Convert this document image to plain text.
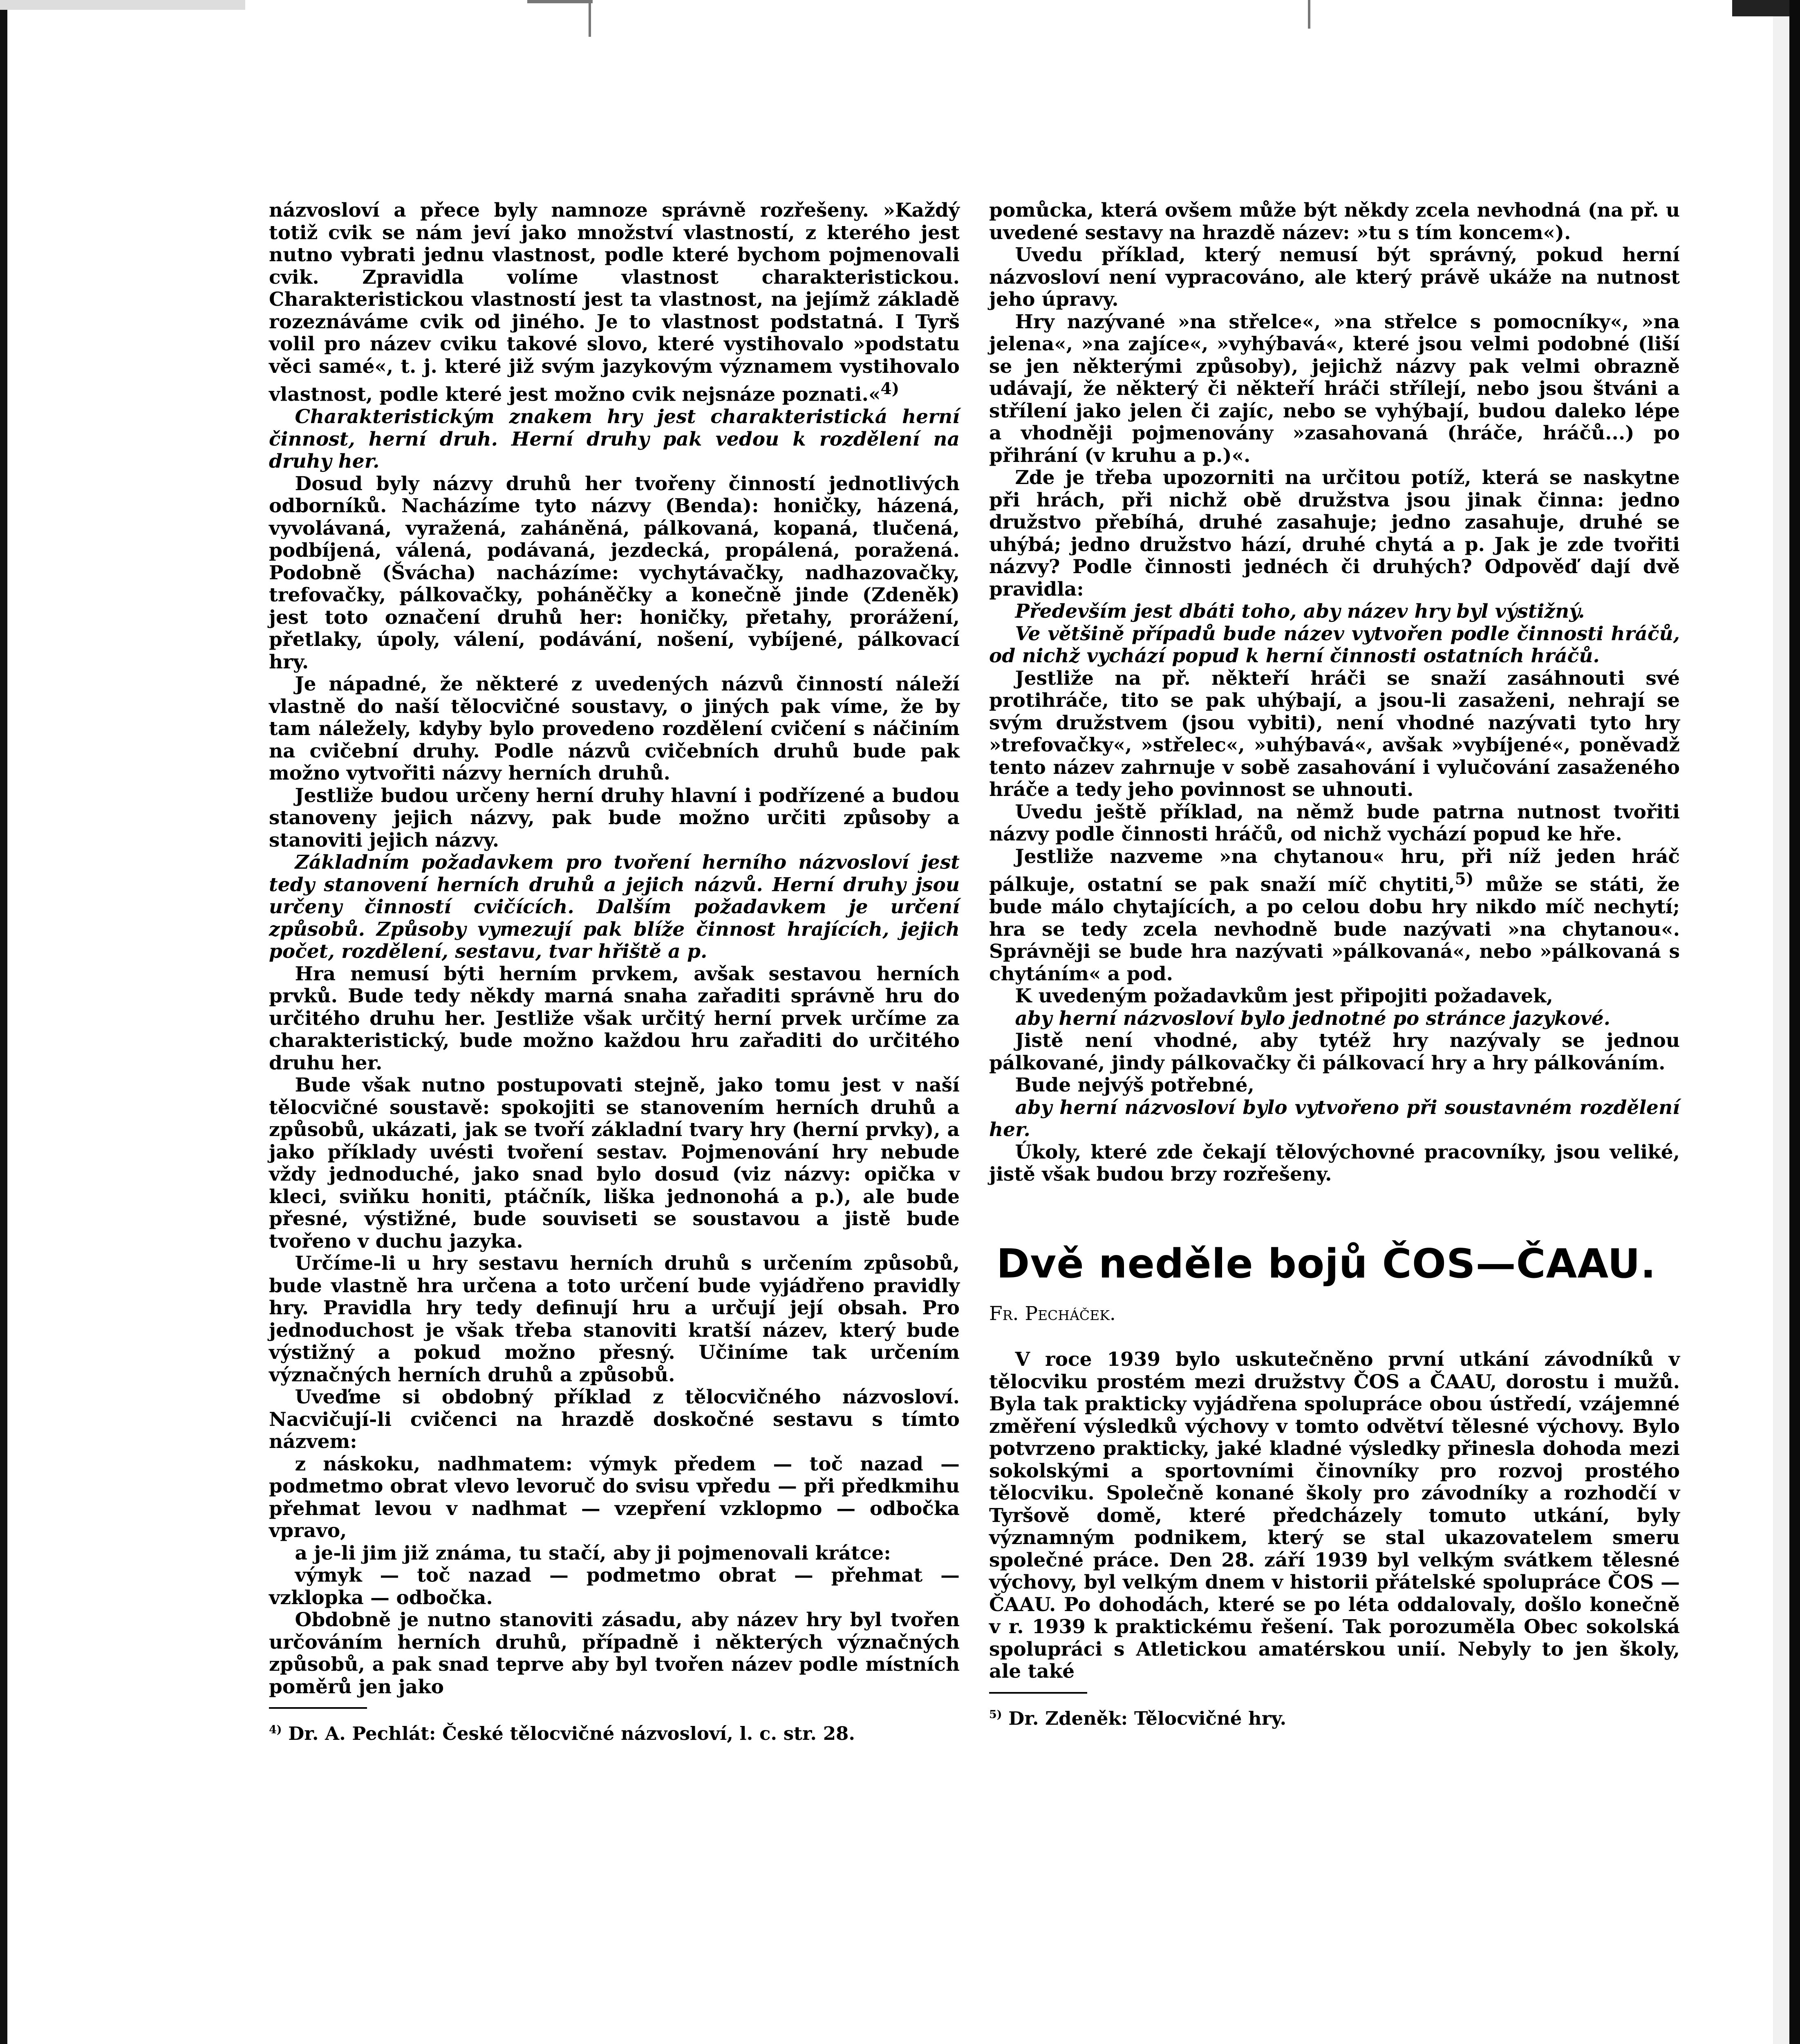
názvosloví a přece byly namnoze správně rozřešeny. »Každý totiž cvik se nám jeví jako množství vlastností, z kterého jest nutno vybrati jednu vlastnost, podle které bychom pojmenovali cvik. Zpravidla volíme vlastnost charakteristickou. Charakteristickou vlastností jest ta vlastnost, na jejímž základě rozeznáváme cvik od jiného. Je to vlastnost podstatná. I Tyrš volil pro název cviku takové slovo, které vystihovalo »podstatu věci samé«, t. j. které již svým jazykovým významem vystihovalo vlastnost, podle které jest možno cvik nejsnáze poznati.«$^{4)}$

Charakteristickým znakem hry jest charakteristická herní činnost, herní druh. Herní druhy pak vedou k rozdělení na druhy her.

Dosud byly názvy druhů her tvořeny činností jednotlivých odborníků. Nacházíme tyto názvy (Benda): honičky, házená, vyvolávaná, vyražená, zaháněná, pálkovaná, kopaná, tlučená, podbíjená, válená, podávaná, jezdecká, propálená, poražená. Podobně (Švácha) nacházíme: vychytávačky, nadhazovačky, trefovačky, pálkovačky, poháněčky a konečně jinde (Zdeněk) jest toto označení druhů her: honičky, přetahy, prorážení, přetlaky, úpoly, válení, podávání, nošení, vybíjené, pálkovací hry.

Je nápadné, že některé z uvedených názvů činností náleží vlastně do naší tělocvičné soustavy, o jiných pak víme, že by tam náležely, kdyby bylo provedeno rozdělení cvičení s náčiním na cvičební druhy. Podle názvů cvičebních druhů bude pak možno vytvořiti názvy herních druhů.

Jestliže budou určeny herní druhy hlavní i podřízené a budou stanoveny jejich názvy, pak bude možno určiti způsoby a stanoviti jejich názvy.

Základním požadavkem pro tvoření herního názvosloví jest tedy stanovení herních druhů a jejich názvů. Herní druhy jsou určeny činností cvičících. Dalším požadavkem je určení způsobů. Způsoby vymezují pak blíže činnost hrajících, jejich počet, rozdělení, sestavu, tvar hřiště a p.

Hra nemusí býti herním prvkem, avšak sestavou herních prvků. Bude tedy někdy marná snaha zařaditi správně hru do určitého druhu her. Jestliže však určitý herní prvek určíme za charakteristický, bude možno každou hru zařaditi do určitého druhu her.

Bude však nutno postupovati stejně, jako tomu jest v naší tělocvičné soustavě: spokojiti se stanovením herních druhů a způsobů, ukázati, jak se tvoří základní tvary hry (herní prvky), a jako příklady uvésti tvoření sestav. Pojmenování hry nebude vždy jednoduché, jako snad bylo dosud (viz názvy: opička v kleci, sviňku honiti, ptáčník, liška jednonohá a p.), ale bude přesné, výstižné, bude souviseti se soustavou a jistě bude tvořeno v duchu jazyka.

Určíme-li u hry sestavu herních druhů s určením způsobů, bude vlastně hra určena a toto určení bude vyjádřeno pravidly hry. Pravidla hry tedy definují hru a určují její obsah. Pro jednoduchost je však třeba stanoviti kratší název, který bude výstižný a pokud možno přesný. Učiníme tak určením význačných herních druhů a způsobů.

Uveďme si obdobný příklad z tělocvičného názvosloví. Nacvičují-li cvičenci na hrazdě doskočné sestavu s tímto názvem:

z náskoku, nadhmatem: výmyk předem — toč nazad — podmetmo obrat vlevo levoruč do svisu vpředu — při předkmihu přehmat levou v nadhmat — vzepření vzklopmo — odbočka vpravo,

a je-li jim již známa, tu stačí, aby ji pojmenovali krátce:

výmyk — toč nazad — podmetmo obrat — přehmat — vzklopka — odbočka.

Obdobně je nutno stanoviti zásadu, aby název hry byl tvořen určováním herních druhů, případně i některých význačných způsobů, a pak snad teprve aby byl tvořen název podle místních poměrů jen jako

$^{4)}$ Dr. A. Pechlát: České tělocvičné názvosloví, l. c. str. 28.

pomůcka, která ovšem může být někdy zcela nevhodná (na př. u uvedené sestavy na hrazdě název: »tu s tím koncem«).

Uvedu příklad, který nemusí být správný, pokud herní názvosloví není vypracováno, ale který právě ukáže na nutnost jeho úpravy.

Hry nazývané »na střelce«, »na střelce s pomocníky«, »na jelena«, »na zajíce«, »vyhýbavá«, které jsou velmi podobné (liší se jen některými způsoby), jejichž názvy pak velmi obrazně udávají, že některý či někteří hráči střílejí, nebo jsou štváni a střílení jako jelen či zajíc, nebo se vyhýbají, budou daleko lépe a vhodněji pojmenovány »zasahovaná (hráče, hráčů...) po přihrání (v kruhu a p.)«.

Zde je třeba upozorniti na určitou potíž, která se naskytne při hrách, při nichž obě družstva jsou jinak činna: jedno družstvo přebíhá, druhé zasahuje; jedno zasahuje, druhé se uhýbá; jedno družstvo hází, druhé chytá a p. Jak je zde tvořiti názvy? Podle činnosti jednéch či druhých? Odpověď dají dvě pravidla:

Především jest dbáti toho, aby název hry byl výstižný.

Ve většině případů bude název vytvořen podle činnosti hráčů, od nichž vychází popud k herní činnosti ostatních hráčů.

Jestliže na př. někteří hráči se snaží zasáhnouti své protihráče, tito se pak uhýbají, a jsou-li zasaženi, nehrají se svým družstvem (jsou vybiti), není vhodné nazývati tyto hry »trefovačky«, »střelec«, »uhýbavá«, avšak »vybíjené«, poněvadž tento název zahrnuje v sobě zasahování i vylučování zasaženého hráče a tedy jeho povinnost se uhnouti.

Uvedu ještě příklad, na němž bude patrna nutnost tvořiti názvy podle činnosti hráčů, od nichž vychází popud ke hře.

Jestliže nazveme »na chytanou« hru, při níž jeden hráč pálkuje, ostatní se pak snaží míč chytiti,$^{5)}$ může se státi, že bude málo chytajících, a po celou dobu hry nikdo míč nechytí; hra se tedy zcela nevhodně bude nazývati »na chytanou«. Správněji se bude hra nazývati »pálkovaná«, nebo »pálkovaná s chytáním« a pod.

K uvedeným požadavkům jest připojiti požadavek,

aby herní názvosloví bylo jednotné po stránce jazykové.

Jistě není vhodné, aby tytéž hry nazývaly se jednou pálkované, jindy pálkovačky či pálkovací hry a hry pálkováním.

Bude nejvýš potřebné,

aby herní názvosloví bylo vytvořeno při soustavném rozdělení her.

Úkoly, které zde čekají tělovýchovné pracovníky, jsou veliké, jistě však budou brzy rozřešeny.

Dvě neděle bojů ČOS—ČAAU.

Fr. Pecháček.

V roce 1939 bylo uskutečněno první utkání závodníků v tělocviku prostém mezi družstvy ČOS a ČAAU, dorostu i mužů. Byla tak prakticky vyjádřena spolupráce obou ústředí, vzájemné změření výsledků výchovy v tomto odvětví tělesné výchovy. Bylo potvrzeno prakticky, jaké kladné výsledky přinesla dohoda mezi sokolskými a sportovními činovníky pro rozvoj prostého tělocviku. Společně konané školy pro závodníky a rozhodčí v Tyršově domě, které předcházely tomuto utkání, byly významným podnikem, který se stal ukazovatelem smeru společné práce. Den 28. září 1939 byl velkým svátkem tělesné výchovy, byl velkým dnem v historii přátelské spolupráce ČOS — ČAAU. Po dohodách, které se po léta oddalovaly, došlo konečně v r. 1939 k praktickému řešení. Tak porozuměla Obec sokolská spolupráci s Atletickou amatérskou unií. Nebyly to jen školy, ale také

$^{5)}$ Dr. Zdeněk: Tělocvičné hry.
